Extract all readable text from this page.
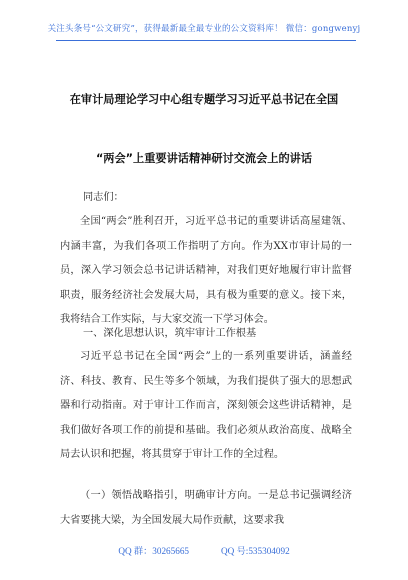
关注头条号“公文研究”，获得最新最全最专业的公文资料库！ 微信：gongwenyj
在审计局理论学习中心组专题学习习近平总书记在全国
“两会”上重要讲话精神研讨交流会上的讲话
同志们：

全国“两会”胜利召开，习近平总书记的重要讲话高屋建瓴、内涵丰富，为我们各项工作指明了方向。作为XX市审计局的一员，深入学习领会总书记讲话精神，对我们更好地履行审计监督职责，服务经济社会发展大局，具有极为重要的意义。接下来，我将结合工作实际，与大家交流一下学习体会。

一、深化思想认识，筑牢审计工作根基

习近平总书记在全国“两会”上的一系列重要讲话，涵盖经济、科技、教育、民生等多个领域，为我们提供了强大的思想武器和行动指南。对于审计工作而言，深刻领会这些讲话精神，是我们做好各项工作的前提和基础。我们必须从政治高度、战略全局去认识和把握，将其贯穿于审计工作的全过程。

（一）领悟战略指引，明确审计方向。一是总书记强调经济大省要挑大梁，为全国发展大局作贡献，这要求我

QQ 群：30265665	QQ 号:535304092
